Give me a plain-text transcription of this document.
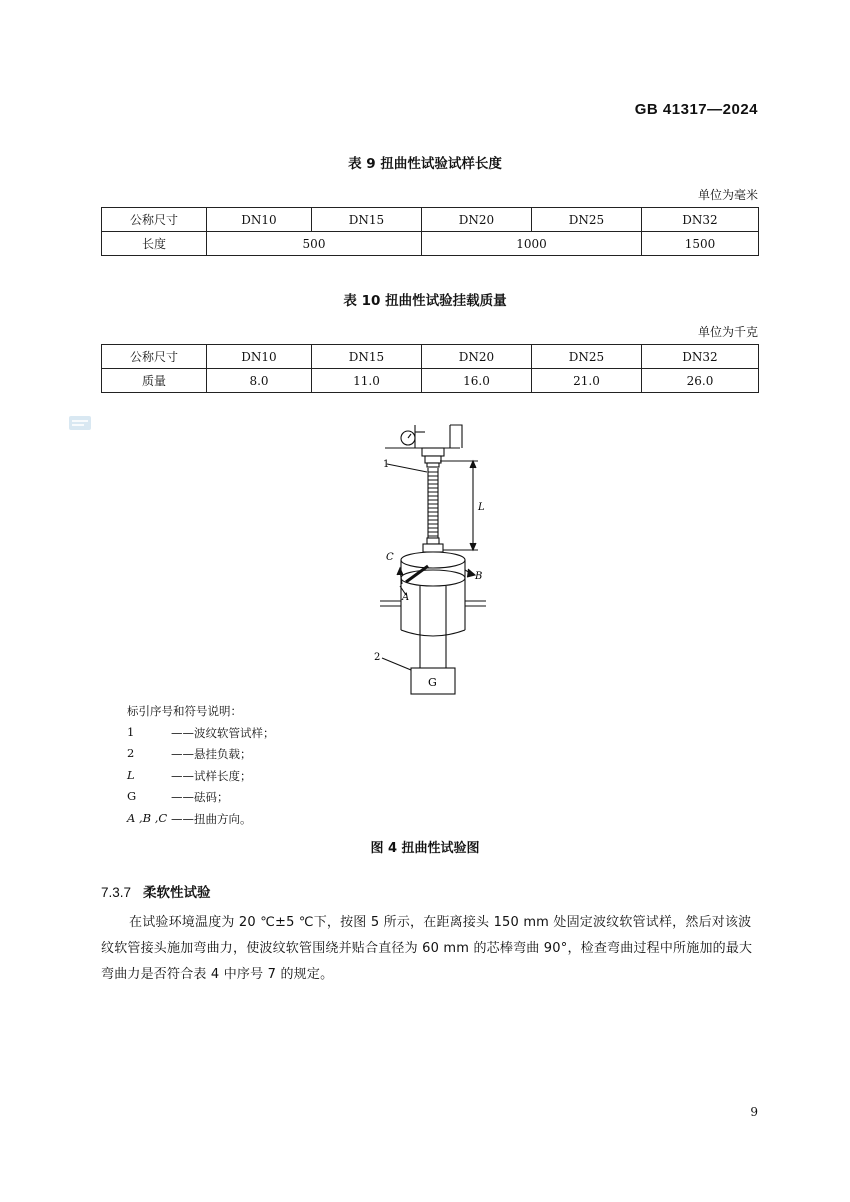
GB 41317—2024
表 9 扭曲性试验试样长度
单位为毫米
公称尺寸	DN10	DN15	DN20	DN25	DN32
长度	500		1000		1500
表 10 扭曲性试验挂载质量
单位为千克
公称尺寸	DN10	DN15	DN20	DN25	DN32
质量	8.0	11.0	16.0	21.0	26.0
1
L
C
B
A
2
G
标引序号和符号说明：
1	——波纹软管试样；
2	——悬挂负载；
L	——试样长度；
G	——砝码；
A ,B ,C ——扭曲方向。
图 4 扭曲性试验图
7.3.7 柔软性试验
在试验环境温度为 20 ℃±5 ℃下，按图 5 所示，在距离接头 150 mm 处固定波纹软管试样，然后对该波纹软管接头施加弯曲力，使波纹软管围绕并贴合直径为 60 mm 的芯棒弯曲 90°，检查弯曲过程中所施加的最大弯曲力是否符合表 4 中序号 7 的规定。
9
